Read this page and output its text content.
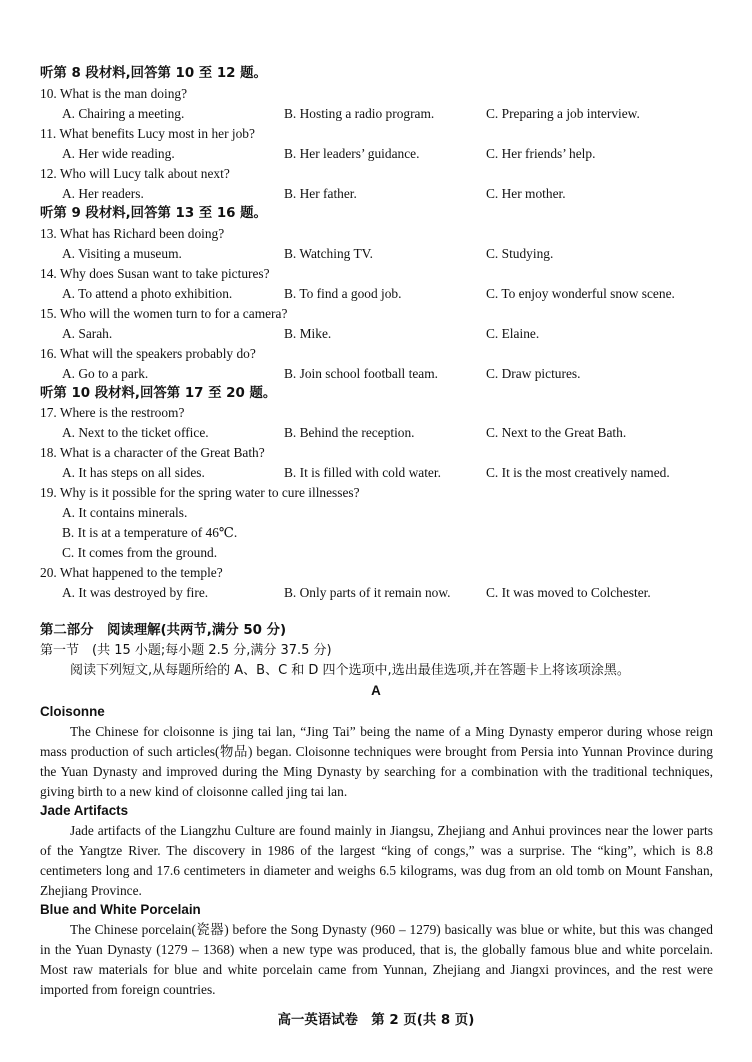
听第 8 段材料,回答第 10 至 12 题。
10. What is the man doing?
A. Chairing a meeting.	B. Hosting a radio program.	C. Preparing a job interview.
11. What benefits Lucy most in her job?
A. Her wide reading.	B. Her leaders’ guidance.	C. Her friends’ help.
12. Who will Lucy talk about next?
A. Her readers.	B. Her father.	C. Her mother.
听第 9 段材料,回答第 13 至 16 题。
13. What has Richard been doing?
A. Visiting a museum.	B. Watching TV.	C. Studying.
14. Why does Susan want to take pictures?
A. To attend a photo exhibition.	B. To find a good job.	C. To enjoy wonderful snow scene.
15. Who will the women turn to for a camera?
A. Sarah.	B. Mike.	C. Elaine.
16. What will the speakers probably do?
A. Go to a park.	B. Join school football team.	C. Draw pictures.
听第 10 段材料,回答第 17 至 20 题。
17. Where is the restroom?
A. Next to the ticket office.	B. Behind the reception.	C. Next to the Great Bath.
18. What is a character of the Great Bath?
A. It has steps on all sides.	B. It is filled with cold water.	C. It is the most creatively named.
19. Why is it possible for the spring water to cure illnesses?
A. It contains minerals.
B. It is at a temperature of 46℃.
C. It comes from the ground.
20. What happened to the temple?
A. It was destroyed by fire.	B. Only parts of it remain now.	C. It was moved to Colchester.
第二部分　阅读理解(共两节,满分 50 分)
第一节　(共 15 小题;每小题 2.5 分,满分 37.5 分)
阅读下列短文,从每题所给的 A、B、C 和 D 四个选项中,选出最佳选项,并在答题卡上将该项涂黑。
A
Cloisonne
The Chinese for cloisonne is jing tai lan, “Jing Tai” being the name of a Ming Dynasty emperor during whose reign mass production of such articles(物品) began. Cloisonne techniques were brought from Persia into Yunnan Province during the Yuan Dynasty and improved during the Ming Dynasty by searching for a combination with the traditional techniques, giving birth to a new kind of cloisonne called jing tai lan.
Jade Artifacts
Jade artifacts of the Liangzhu Culture are found mainly in Jiangsu, Zhejiang and Anhui provinces near the lower parts of the Yangtze River. The discovery in 1986 of the largest “king of congs,” was a surprise. The “king”, which is 8.8 centimeters long and 17.6 centimeters in diameter and weighs 6.5 kilograms, was dug from an old tomb on Mount Fanshan, Zhejiang Province.
Blue and White Porcelain
The Chinese porcelain(瓷器) before the Song Dynasty (960 – 1279) basically was blue or white, but this was changed in the Yuan Dynasty (1279 – 1368) when a new type was produced, that is, the globally famous blue and white porcelain. Most raw materials for blue and white porcelain came from Yunnan, Zhejiang and Jiangxi provinces, and the rest were imported from foreign countries.
高一英语试卷　第 2 页(共 8 页)
